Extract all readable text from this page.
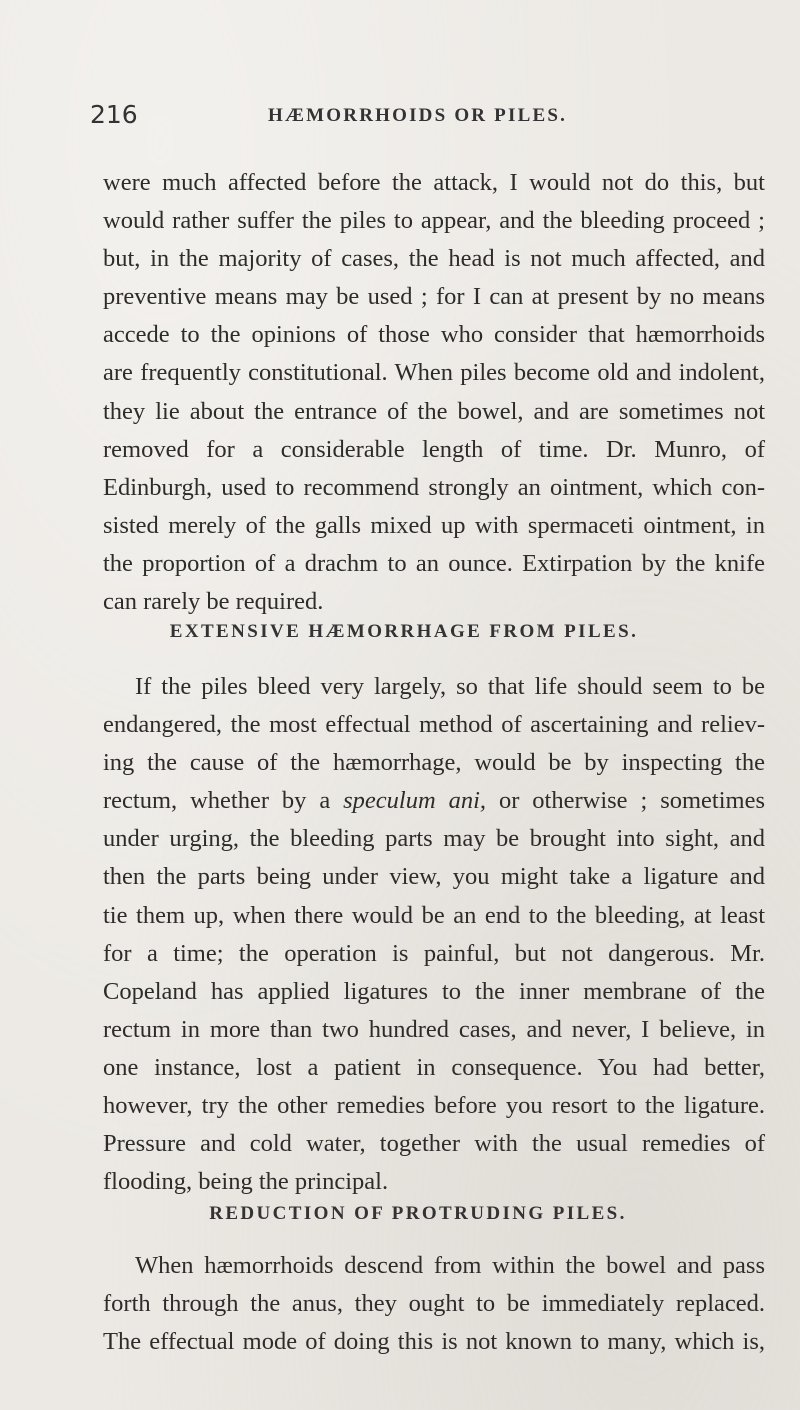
216	HÆMORRHOIDS OR PILES.
were much affected before the attack, I would not do this, but
would rather suffer the piles to appear, and the bleeding proceed ;
but, in the majority of cases, the head is not much affected, and
preventive means may be used ; for I can at present by no means
accede to the opinions of those who consider that hæmorrhoids
are frequently constitutional. When piles become old and indolent,
they lie about the entrance of the bowel, and are sometimes not
removed for a considerable length of time. Dr. Munro, of
Edinburgh, used to recommend strongly an ointment, which con-
sisted merely of the galls mixed up with spermaceti ointment, in
the proportion of a drachm to an ounce. Extirpation by the knife
can rarely be required.
EXTENSIVE HÆMORRHAGE FROM PILES.
If the piles bleed very largely, so that life should seem to be
endangered, the most effectual method of ascertaining and reliev-
ing the cause of the hæmorrhage, would be by inspecting the
rectum, whether by a speculum ani, or otherwise ; sometimes
under urging, the bleeding parts may be brought into sight, and
then the parts being under view, you might take a ligature and
tie them up, when there would be an end to the bleeding, at least
for a time; the operation is painful, but not dangerous. Mr.
Copeland has applied ligatures to the inner membrane of the
rectum in more than two hundred cases, and never, I believe, in
one instance, lost a patient in consequence. You had better,
however, try the other remedies before you resort to the ligature.
Pressure and cold water, together with the usual remedies of
flooding, being the principal.
REDUCTION OF PROTRUDING PILES.
When hæmorrhoids descend from within the bowel and pass
forth through the anus, they ought to be immediately replaced.
The effectual mode of doing this is not known to many, which is,
